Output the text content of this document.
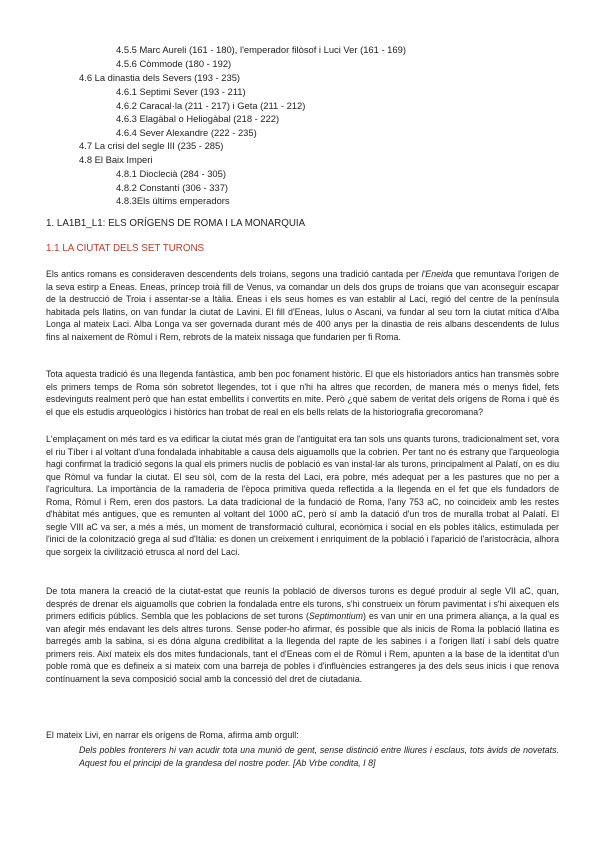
4.5.5 Marc Aureli (161 - 180), l'emperador filòsof i Luci Ver (161 - 169)
4.5.6 Còmmode (180 - 192)
4.6 La dinastia dels Severs (193 - 235)
4.6.1 Septimi Sever (193 - 211)
4.6.2 Caracal·la (211 - 217) i Geta (211 - 212)
4.6.3 Elagàbal o Heliogàbal (218 - 222)
4.6.4 Sever Alexandre (222 - 235)
4.7 La crisi del segle III (235 - 285)
4.8 El Baix Imperi
4.8.1 Dioclecià (284 - 305)
4.8.2 Constantí (306 - 337)
4.8.3Els últims emperadors
1. LA1B1_L1: ELS ORÍGENS DE ROMA I LA MONARQUIA
1.1 LA CIUTAT DELS SET TURONS

Els antics romans es consideraven descendents dels troians, segons una tradició cantada per l'Eneida que remuntava l'origen de la seva estirp a Eneas. Eneas, príncep troià fill de Venus, va comandar un dels dos grups de troians que van aconseguir escapar de la destrucció de Troia i assentar-se a Itàlia. Eneas i els seus homes es van establir al Laci, regió del centre de la península habitada pels llatins, on van fundar la ciutat de Lavini. El fill d'Eneas, Iulus o Ascani, va fundar al seu torn la ciutat mítica d'Alba Longa al mateix Laci. Alba Longa va ser governada durant més de 400 anys per la dinastia de reis albans descendents de Iulus fins al naixement de Ròmul i Rem, rebrots de la mateix nissaga que fundarien per fi Roma.

Tota aquesta tradició és una llegenda fantàstica, amb ben poc fonament històric. El que els historiadors antics han transmès sobre els primers temps de Roma són sobretot llegendes, tot i que n'hi ha altres que recorden, de manera més o menys fidel, fets esdevinguts realment però que han estat embellits i convertits en mite. Però ¿què sabem de veritat dels orígens de Roma i què és el que els estudis arqueològics i històrics han trobat de real en els bells relats de la historiografia grecoromana?

L'emplaçament on més tard es va edificar la ciutat més gran de l'antiguitat era tan sols uns quants turons, tradicionalment set, vora el riu Tíber i al voltant d'una fondalada inhabitable a causa dels aiguamolls que la cobrien. Per tant no és estrany que l'arqueologia hagi confirmat la tradició segons la qual els primers nuclis de població es van instal·lar als turons, principalment al Palatí, on es diu que Ròmul va fundar la ciutat. El seu sòl, com de la resta del Laci, era pobre, més adequat per a les pastures que no per a l'agricultura. La importància de la ramaderia de l'època primitiva queda reflectida a la llegenda en el fet que els fundadors de Roma, Ròmul i Rem, eren dos pastors. La data tradicional de la fundació de Roma, l'any 753 aC, no coincideix amb les restes d'hàbitat més antigues, que es remunten al voltant del 1000 aC, però sí amb la datació d'un tros de muralla trobat al Palatí. El segle VIII aC va ser, a més a més, un moment de transformació cultural, econòmica i social en els pobles itàlics, estimulada per l'inici de la colonització grega al sud d'Itàlia: es donen un creixement i enriquiment de la població i l'aparició de l'aristocràcia, alhora que sorgeix la civilització etrusca al nord del Laci.

De tota manera la creació de la ciutat-estat que reunís la població de diversos turons es degué produir al segle VII aC, quan, després de drenar els aiguamolls que cobrien la fondalada entre els turons, s'hi construeix un fòrum pavimentat i s'hi aixequen els primers edificis públics. Sembla que les poblacions de set turons (Septimontium) es van unir en una primera aliança, a la qual es van afegir més endavant les dels altres turons. Sense poder-ho afirmar, és possible que als inicis de Roma la població llatina es barregés amb la sabina, si es dóna alguna credibilitat a la llegenda del rapte de les sabines i a l'origen llatí i sabí dels quatre primers reis. Així mateix els dos mites fundacionals, tant el d'Eneas com el de Ròmul i Rem, apunten a la base de la identitat d'un poble romà que es defineix a si mateix com una barreja de pobles i d'influències estrangeres ja des dels seus inicis i que renova contínuament la seva composició social amb la concessió del dret de ciutadania.

El mateix Livi, en narrar els orígens de Roma, afirma amb orgull:

Dels pobles fronterers hi van acudir tota una munió de gent, sense distinció entre lliures i esclaus, tots àvids de novetats. Aquest fou el principi de la grandesa del nostre poder. [Ab Vrbe condita, I 8]
